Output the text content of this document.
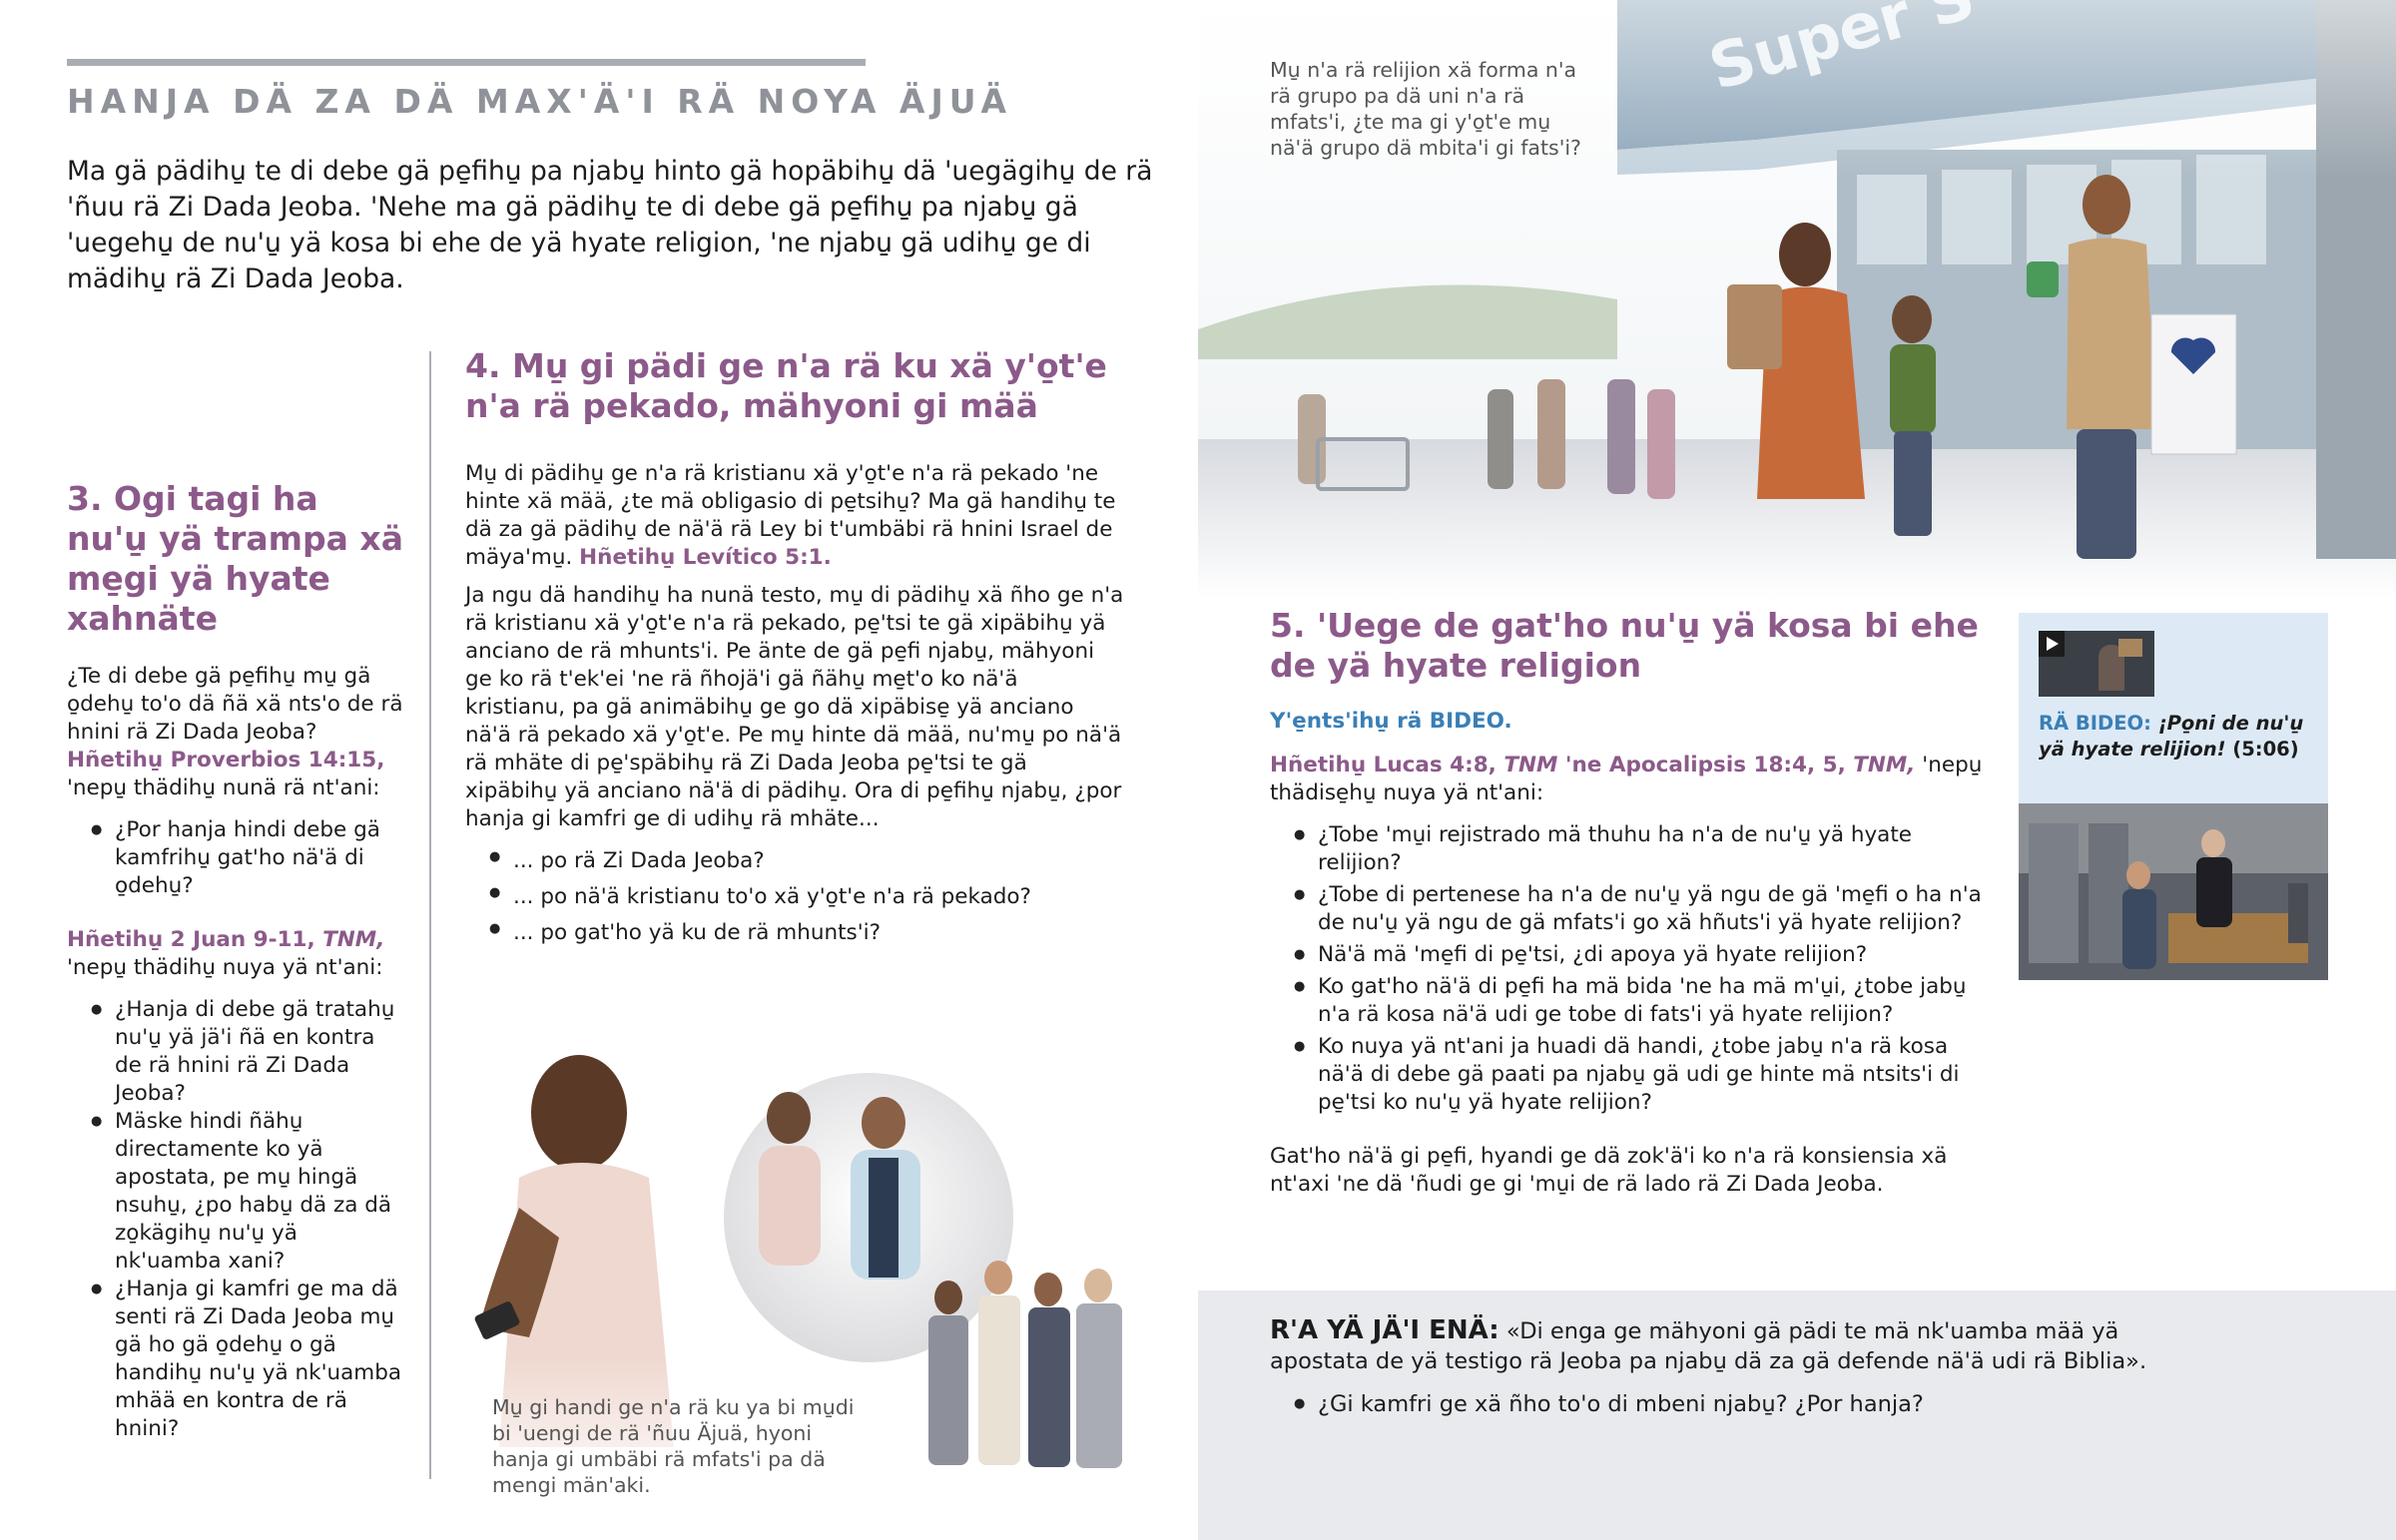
HANJA DÄ ZA DÄ MAX'Ä'I RÄ NOYA ÄJUÄ
Ma gä pädihu̱ te di debe gä pe̱fihu̱ pa njabu̱ hinto gä hopäbihu̱ dä 'uegägihu̱ de rä 'ñuu rä Zi Dada Jeoba. 'Nehe ma gä pädihu̱ te di debe gä pe̱fihu̱ pa njabu̱ gä 'uegehu̱ de nu'u̱ yä kosa bi ehe de yä hyate religion, 'ne njabu̱ gä udihu̱ ge di mädihu̱ rä Zi Dada Jeoba.
3. Ogi tagi ha nu'u̱ yä trampa xä me̱gi yä hyate xahnäte
¿Te di debe gä pe̱fihu̱ mu̱ gä o̱dehu̱ to'o dä ñä xä nts'o de rä hnini rä Zi Dada Jeoba? Hñetihu̱ Proverbios 14:15, 'nepu̱ thädihu̱ nunä rä nt'ani:
● ¿Por hanja hindi debe gä kamfrihu̱ gat'ho nä'ä di o̱dehu̱?
Hñetihu̱ 2 Juan 9-11, TNM,
'nepu̱ thädihu̱ nuya yä nt'ani:
● ¿Hanja di debe gä tratahu̱ nu'u̱ yä jä'i ñä en kontra de rä hnini rä Zi Dada Jeoba?
● Mäske hindi ñähu̱ directamente ko yä apostata, pe mu̱ hingä nsuhu̱, ¿po habu̱ dä za dä zo̱kägihu̱ nu'u̱ yä nk'uamba xani?
● ¿Hanja gi kamfri ge ma dä senti rä Zi Dada Jeoba mu̱ gä ho gä o̱dehu̱ o gä handihu̱ nu'u̱ yä nk'uamba mhää en kontra de rä hnini?
4. Mu̱ gi pädi ge n'a rä ku xä y'o̱t'e n'a rä pekado, mähyoni gi mää
Mu̱ di pädihu̱ ge n'a rä kristianu xä y'o̱t'e n'a rä pekado 'ne hinte xä mää, ¿te mä obligasio di pe̱tsihu̱? Ma gä handihu̱ te dä za gä pädihu̱ de nä'ä rä Ley bi t'umbäbi rä hnini Israel de mäya'mu̱. Hñetihu̱ Levítico 5:1.
Ja ngu dä handihu̱ ha nunä testo, mu̱ di pädihu̱ xä ñho ge n'a rä kristianu xä y'o̱t'e n'a rä pekado, pe̱'tsi te gä xipäbihu̱ yä anciano de rä mhunts'i. Pe änte de gä pe̱fi njabu̱, mähyoni ge ko rä t'ek'ei 'ne rä ñhojä'i gä ñähu̱ me̱t'o ko nä'ä kristianu, pa gä animäbihu̱ ge go dä xipäbise̱ yä anciano nä'ä rä pekado xä y'o̱t'e. Pe mu̱ hinte dä mää, nu'mu̱ po nä'ä rä mhäte di pe̱'späbihu̱ rä Zi Dada Jeoba pe̱'tsi te gä xipäbihu̱ yä anciano nä'ä di pädihu̱. Ora di pe̱fihu̱ njabu̱, ¿por hanja gi kamfri ge di udihu̱ rä mhäte...
● ... po rä Zi Dada Jeoba?
● ... po nä'ä kristianu to'o xä y'o̱t'e n'a rä pekado?
● ... po gat'ho yä ku de rä mhunts'i?
Mu̱ gi handi ge n'a rä ku ya bi mu̱di bi 'uengi de rä 'ñuu Äjuä, hyoni hanja gi umbäbi rä mfats'i pa dä mengi män'aki.
Mu̱ n'a rä relijion xä forma n'a rä grupo pa dä uni n'a rä mfats'i, ¿te ma gi y'o̱t'e mu̱ nä'ä grupo dä mbita'i gi fats'i?
5. 'Uege de gat'ho nu'u̱ yä kosa bi ehe de yä hyate religion
Y'e̱nts'ihu̱ rä BIDEO.
Hñetihu̱ Lucas 4:8, TNM 'ne Apocalipsis 18:4, 5, TNM, 'nepu̱ thädise̱hu̱ nuya yä nt'ani:
● ¿Tobe 'mu̱i rejistrado mä thuhu ha n'a de nu'u̱ yä hyate relijion?
● ¿Tobe di pertenese ha n'a de nu'u̱ yä ngu de gä 'me̱fi o ha n'a de nu'u̱ yä ngu de gä mfats'i go xä hñuts'i yä hyate relijion?
● Nä'ä mä 'me̱fi di pe̱'tsi, ¿di apoya yä hyate relijion?
● Ko gat'ho nä'ä di pe̱fi ha mä bida 'ne ha mä m'u̱i, ¿tobe jabu̱ n'a rä kosa nä'ä udi ge tobe di fats'i yä hyate relijion?
● Ko nuya yä nt'ani ja huadi dä handi, ¿tobe jabu̱ n'a rä kosa nä'ä di debe gä paati pa njabu̱ gä udi ge hinte mä ntsits'i di pe̱'tsi ko nu'u̱ yä hyate relijion?
Gat'ho nä'ä gi pe̱fi, hyandi ge dä zok'ä'i ko n'a rä konsiensia xä nt'axi 'ne dä 'ñudi ge gi 'mu̱i de rä lado rä Zi Dada Jeoba.
RÄ BIDEO: ¡Po̱ni de nu'u̱ yä hyate relijion! (5:06)
R'A YÄ JÄ'I ENÄ: «Di enga ge mähyoni gä pädi te mä nk'uamba mää yä apostata de yä testigo rä Jeoba pa njabu̱ dä za gä defende nä'ä udi rä Biblia».
● ¿Gi kamfri ge xä ñho to'o di mbeni njabu̱? ¿Por hanja?
